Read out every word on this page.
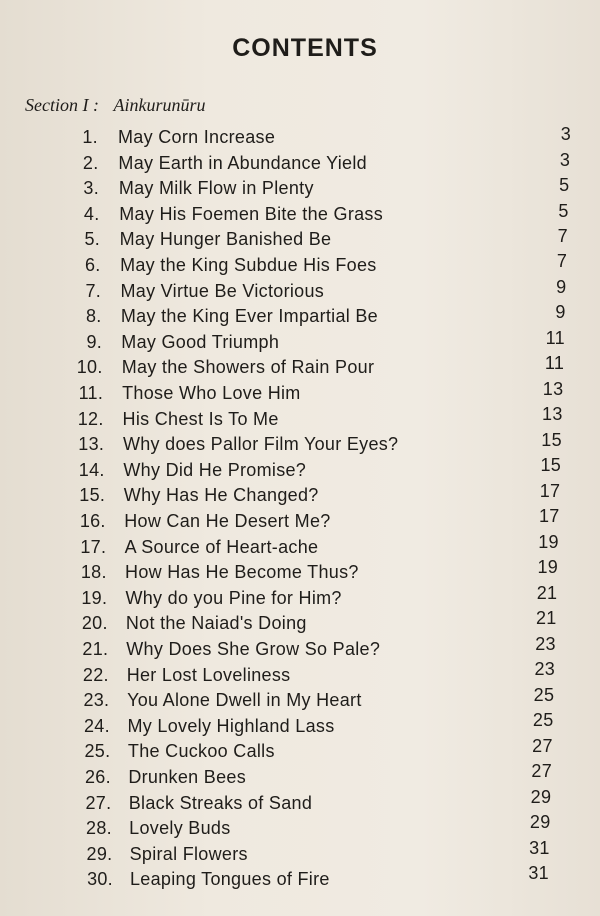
CONTENTS
Section I : Ainkurunūru
1. May Corn Increase	3
2. May Earth in Abundance Yield	3
3. May Milk Flow in Plenty	5
4. May His Foemen Bite the Grass	5
5. May Hunger Banished Be	7
6. May the King Subdue His Foes	7
7. May Virtue Be Victorious	9
8. May the King Ever Impartial Be	9
9. May Good Triumph	11
10. May the Showers of Rain Pour	11
11. Those Who Love Him	13
12. His Chest Is To Me	13
13. Why does Pallor Film Your Eyes?	15
14. Why Did He Promise?	15
15. Why Has He Changed?	17
16. How Can He Desert Me?	17
17. A Source of Heart-ache	19
18. How Has He Become Thus?	19
19. Why do you Pine for Him?	21
20. Not the Naiad's Doing	21
21. Why Does She Grow So Pale?	23
22. Her Lost Loveliness	23
23. You Alone Dwell in My Heart	25
24. My Lovely Highland Lass	25
25. The Cuckoo Calls	27
26. Drunken Bees	27
27. Black Streaks of Sand	29
28. Lovely Buds	29
29. Spiral Flowers	31
30. Leaping Tongues of Fire	31
